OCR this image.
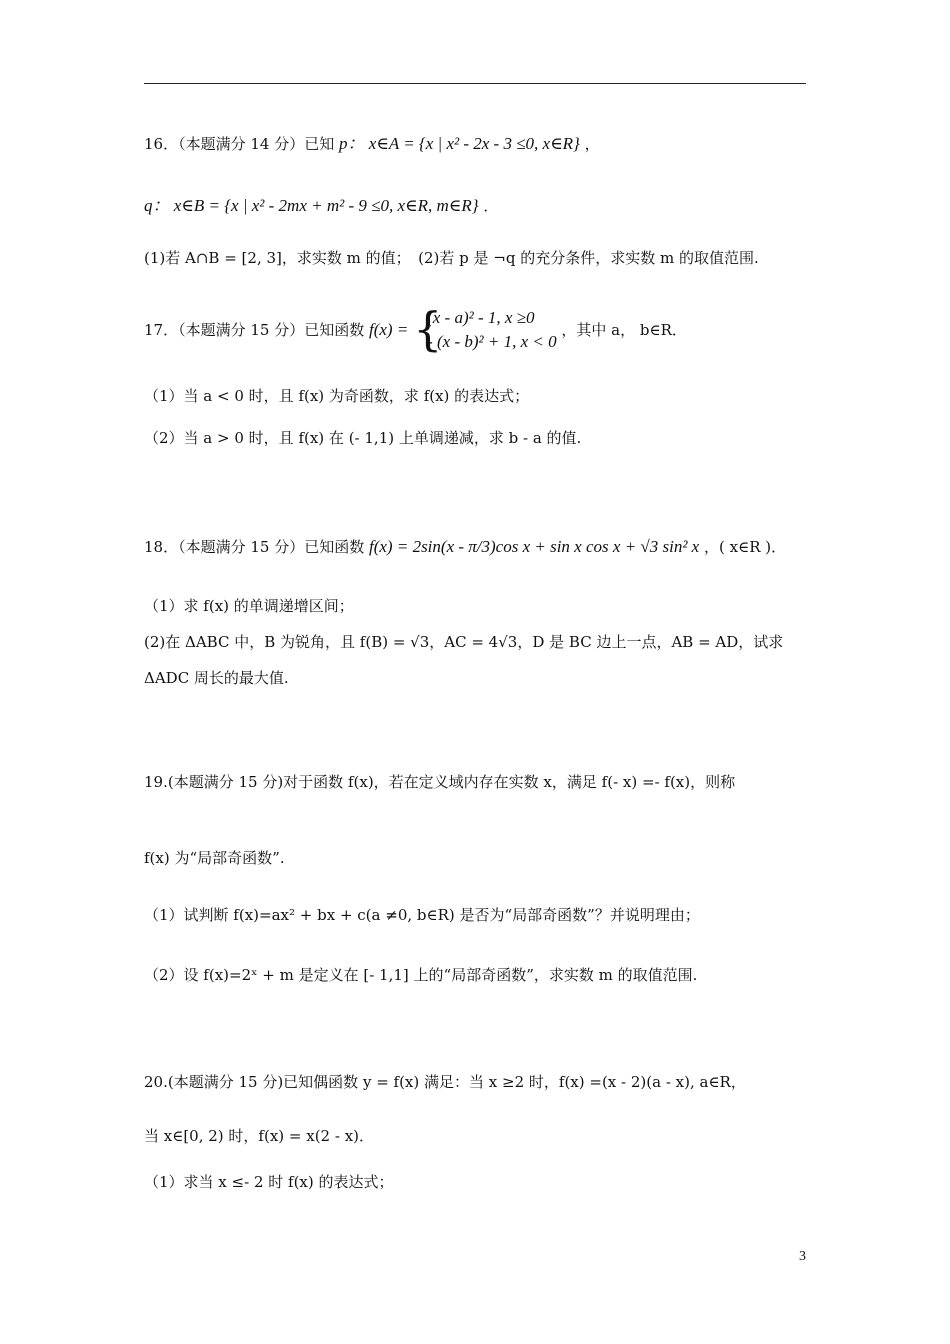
16．（本题满分 14 分）已知 p： x∈A = {x | x² - 2x - 3 ≤0, x∈R} ，
q： x∈B = {x | x² - 2mx + m² - 9 ≤0, x∈R, m∈R} ．
(1)若 A∩B = [2, 3]，求实数 m 的值；　(2)若 p 是 ¬q 的充分条件，求实数 m 的取值范围.
17．（本题满分 15 分）已知函数 f(x) = {
(x - a)² - 1, x ≥0
- (x - b)² + 1, x < 0
，其中 a， b∈R．
（1）当 a < 0 时，且 f(x) 为奇函数，求 f(x) 的表达式；
（2）当 a > 0 时，且 f(x) 在 (- 1,1) 上单调递减，求 b - a 的值.
18．（本题满分 15 分）已知函数 f(x) = 2sin(x - π/3)cos x + sin x cos x + √3 sin² x ，( x∈R )．
（1）求 f(x) 的单调递增区间；
(2)在 ΔABC 中，B 为锐角，且 f(B) = √3，AC = 4√3，D 是 BC 边上一点，AB = AD，试求
ΔADC 周长的最大值.
19.(本题满分 15 分)对于函数 f(x)，若在定义域内存在实数 x，满足 f(- x) =- f(x)，则称
f(x) 为“局部奇函数”.
（1）试判断 f(x)=ax² + bx + c(a ≠0, b∈R) 是否为“局部奇函数”？并说明理由；
（2）设 f(x)=2ˣ + m 是定义在 [- 1,1] 上的“局部奇函数”，求实数 m 的取值范围.
20.(本题满分 15 分)已知偶函数 y = f(x) 满足：当 x ≥2 时，f(x) =(x - 2)(a - x), a∈R，
当 x∈[0, 2) 时，f(x) = x(2 - x)．
（1）求当 x ≤- 2 时 f(x) 的表达式；
3
